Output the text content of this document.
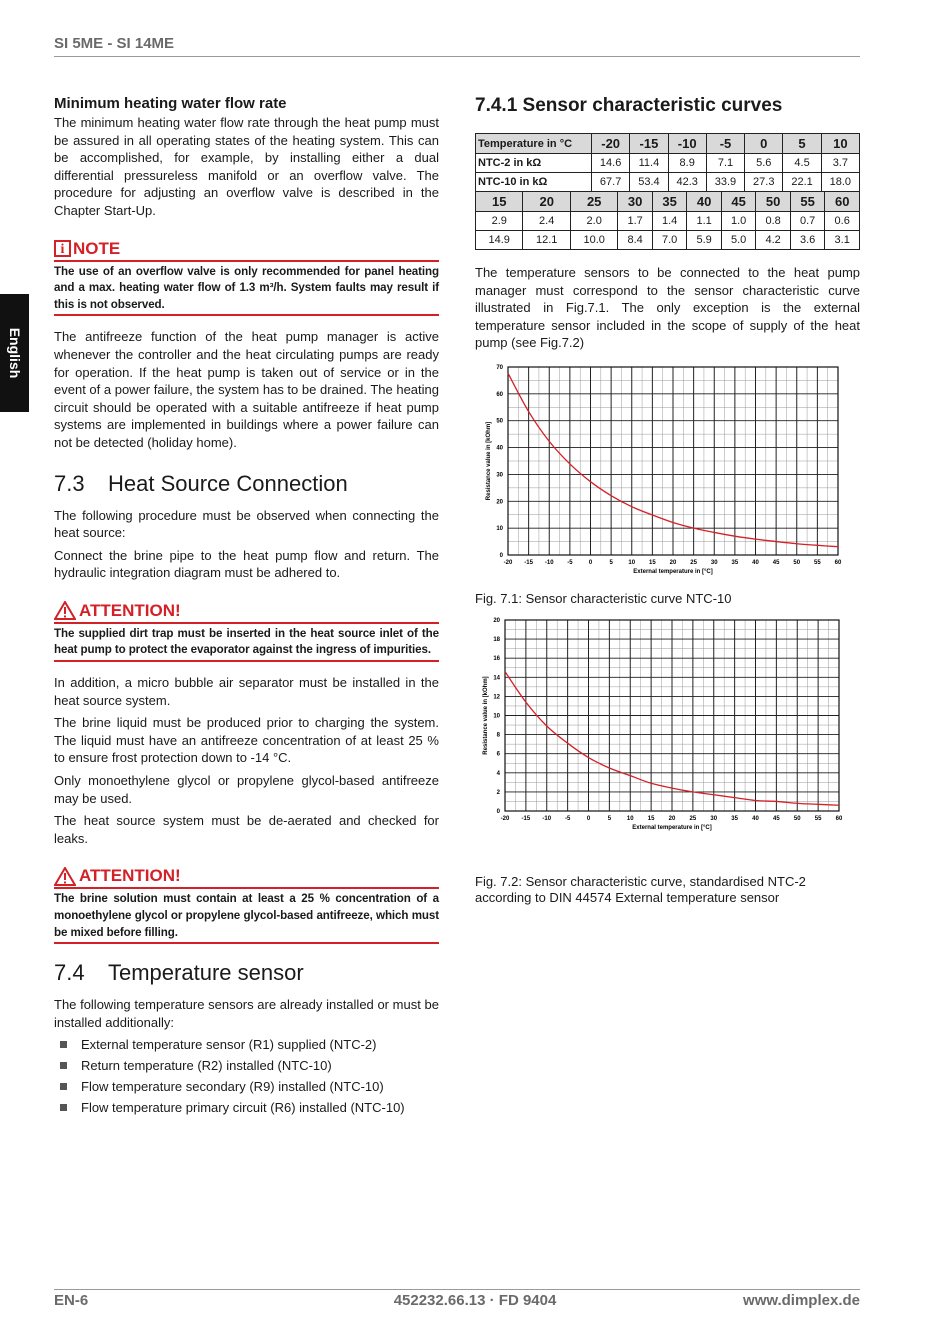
SI 5ME - SI 14ME
English
EN-6	452232.66.13 · FD 9404	www.dimplex.de
Minimum heating water flow rate

The minimum heating water flow rate through the heat pump must be assured in all operating states of the heating system. This can be accomplished, for example, by installing either a dual differential pressureless manifold or an overflow valve. The procedure for adjusting an overflow valve is described in the Chapter Start-Up.

i NOTE
The use of an overflow valve is only recommended for panel heating and a max. heating water flow of 1.3 m³/h. System faults may result if this is not observed.

The antifreeze function of the heat pump manager is active whenever the controller and the heat circulating pumps are ready for operation. If the heat pump is taken out of service or in the event of a power failure, the system has to be drained. The heating circuit should be operated with a suitable antifreeze if heat pump systems are implemented in buildings where a power failure can not be detected (holiday home).

7.3 Heat Source Connection

The following procedure must be observed when connecting the heat source:

Connect the brine pipe to the heat pump flow and return. The hydraulic integration diagram must be adhered to.

ATTENTION!
The supplied dirt trap must be inserted in the heat source inlet of the heat pump to protect the evaporator against the ingress of impurities.

In addition, a micro bubble air separator must be installed in the heat source system.

The brine liquid must be produced prior to charging the system. The liquid must have an antifreeze concentration of at least 25 % to ensure frost protection down to -14 °C.

Only monoethylene glycol or propylene glycol-based antifreeze may be used.

The heat source system must be de-aerated and checked for leaks.

ATTENTION!
The brine solution must contain at least a 25 % concentration of a monoethylene glycol or propylene glycol-based antifreeze, which must be mixed before filling.
7.4 Temperature sensor

The following temperature sensors are already installed or must be installed additionally:

External temperature sensor (R1) supplied (NTC-2)
Return temperature (R2) installed (NTC-10)
Flow temperature secondary (R9) installed (NTC-10)
Flow temperature primary circuit (R6) installed (NTC-10)
7.4.1 Sensor characteristic curves
Temperature in °C	-20	-15	-10	-5	0	5	10
NTC-2 in kΩ	14.6	11.4	8.9	7.1	5.6	4.5	3.7
NTC-10 in kΩ	67.7	53.4	42.3	33.9	27.3	22.1	18.0
15	20	25	30	35	40	45	50	55	60
2.9	2.4	2.0	1.7	1.4	1.1	1.0	0.8	0.7	0.6
14.9	12.1	10.0	8.4	7.0	5.9	5.0	4.2	3.6	3.1

The temperature sensors to be connected to the heat pump manager must correspond to the sensor characteristic curve illustrated in Fig.7.1. The only exception is the external temperature sensor included in the scope of supply of the heat pump (see Fig.7.2)

-20 -15 -10 -5	0	5	10 15 20 25 30 35 40 45 50 55 60
0
10
20
30
40
50
60
70
External temperature in [°C]
Resistance value in [kOhm]

Fig. 7.1: Sensor characteristic curve NTC-10

-20 -15 -10 -5	0	5	10 15 20 25 30 35 40 45 50 55 60
0
2
4
6
8
10
12
14
16
18
20
External temperature in [°C]
Resistance value in [kOhm]

Fig. 7.2: Sensor characteristic curve, standardised NTC-2

according to DIN 44574 External temperature sensor
